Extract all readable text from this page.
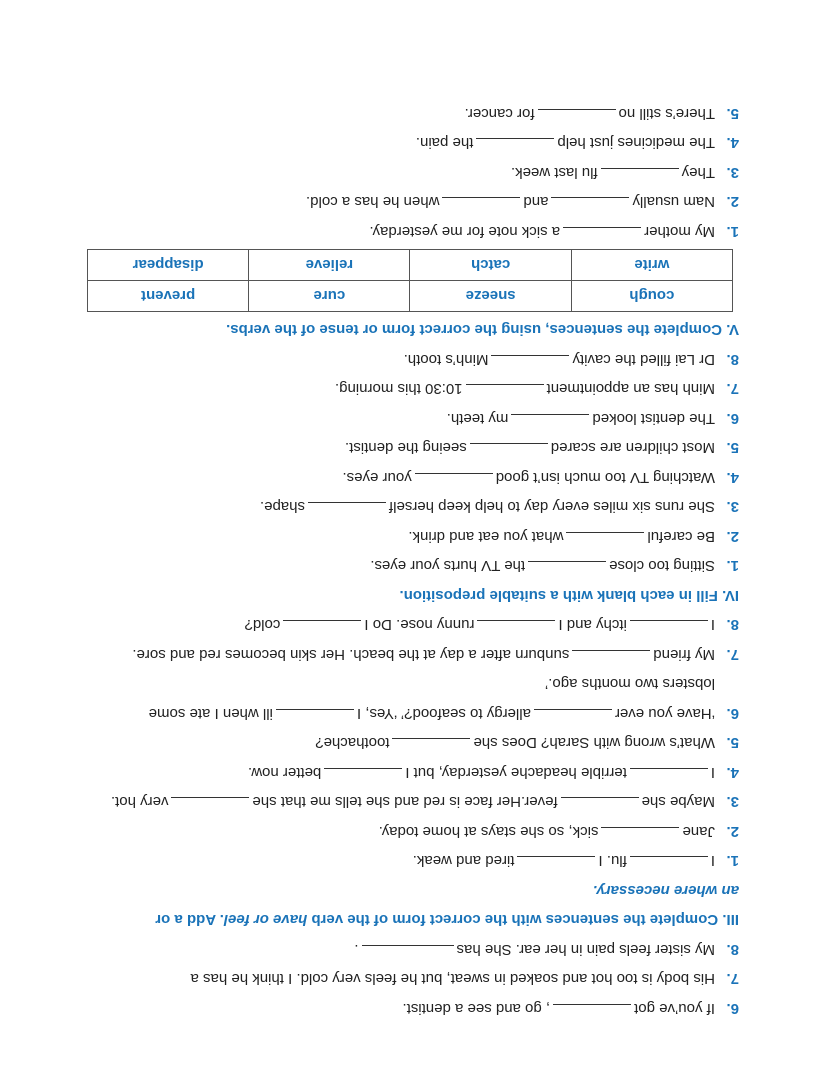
6.If you’ve got, go and see a dentist.
7.His body is too hot and soaked in sweat, but he feels very cold. I think he has a
8.My sister feels pain in her ear. She has.
III. Complete the sentences with the correct form of the verb have or feel. Add a or
an where necessary.
1.Iflu. Itired and weak.
2.Janesick, so she stays at home today.
3.Maybe shefever.Her face is red and she tells me that shevery hot.
4.Iterrible headache yesterday, but Ibetter now.
5.What’s wrong with Sarah? Does shetoothache?
6.‘Have you everallergy to seafood?’ ‘Yes, Iill when I ate some
lobsters two months ago.’
7.My friendsunburn after a day at the beach. Her skin becomes red and sore.
8.Iitchy and Irunny nose. Do Icold?
IV. Fill in each blank with a suitable preposition.
1.Sitting too closethe TV hurts your eyes.
2.Be carefulwhat you eat and drink.
3.She runs six miles every day to help keep herselfshape.
4.Watching TV too much isn’t goodyour eyes.
5.Most children are scaredseeing the dentist.
6.The dentist lookedmy teeth.
7.Minh has an appointment10:30 this morning.
8.Dr Lai filled the cavityMinh’s tooth.
V. Complete the sentences, using the correct form or tense of the verbs.
cough	sneeze	cure	prevent
write	catch	relieve	disappear
1.My mothera sick note for me yesterday.
2.Nam usuallyandwhen he has a cold.
3.Theyflu last week.
4.The medicines just helpthe pain.
5.There’s still nofor cancer.
